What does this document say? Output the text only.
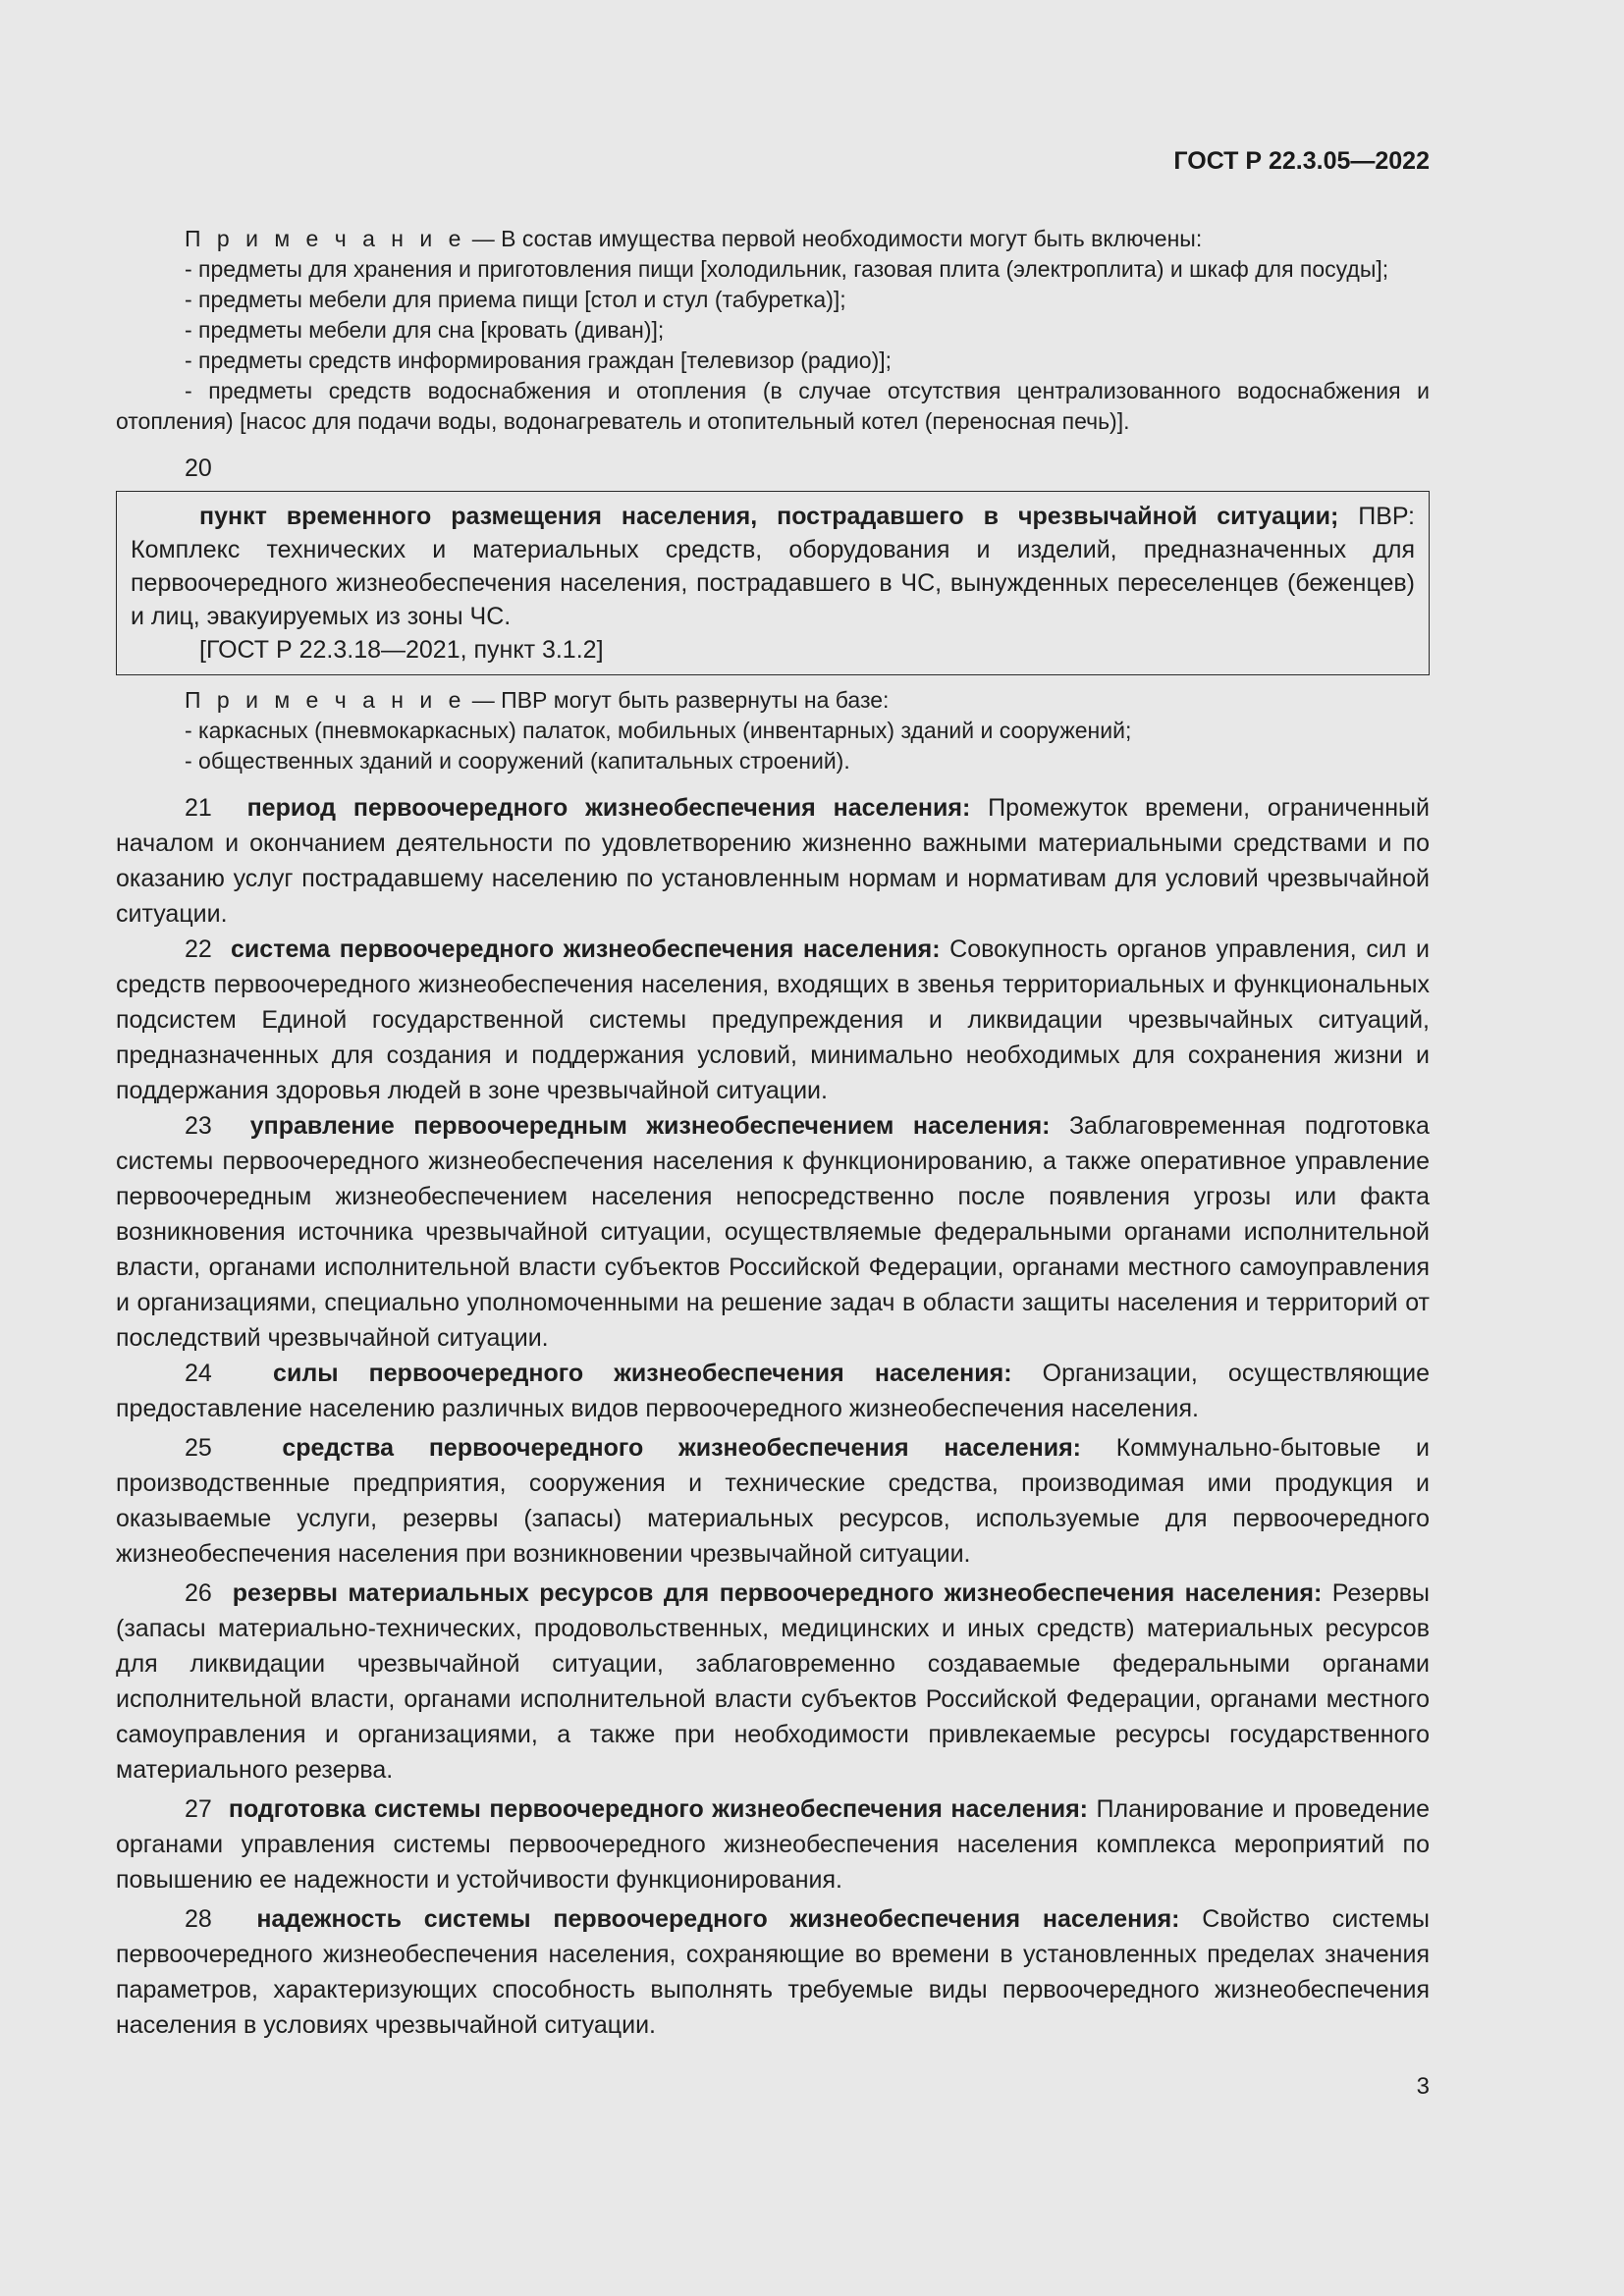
ГОСТ Р 22.3.05—2022

П р и м е ч а н и е — В состав имущества первой необходимости могут быть включены:

- предметы для хранения и приготовления пищи [холодильник, газовая плита (электроплита) и шкаф для посуды];

- предметы мебели для приема пищи [стол и стул (табуретка)];

- предметы мебели для сна [кровать (диван)];

- предметы средств информирования граждан [телевизор (радио)];

- предметы средств водоснабжения и отопления (в случае отсутствия централизованного водоснабжения и отопления) [насос для подачи воды, водонагреватель и отопительный котел (переносная печь)].

20

пункт временного размещения населения, пострадавшего в чрезвычайной ситуации; ПВР: Комплекс технических и материальных средств, оборудования и изделий, предназначенных для первоочередного жизнеобеспечения населения, пострадавшего в ЧС, вынужденных переселенцев (беженцев) и лиц, эвакуируемых из зоны ЧС.

[ГОСТ Р 22.3.18—2021, пункт 3.1.2]

П р и м е ч а н и е — ПВР могут быть развернуты на базе:

- каркасных (пневмокаркасных) палаток, мобильных (инвентарных) зданий и сооружений;

- общественных зданий и сооружений (капитальных строений).

21 период первоочередного жизнеобеспечения населения: Промежуток времени, ограниченный началом и окончанием деятельности по удовлетворению жизненно важными материальными средствами и по оказанию услуг пострадавшему населению по установленным нормам и нормативам для условий чрезвычайной ситуации.

22 система первоочередного жизнеобеспечения населения: Совокупность органов управления, сил и средств первоочередного жизнеобеспечения населения, входящих в звенья территориальных и функциональных подсистем Единой государственной системы предупреждения и ликвидации чрезвычайных ситуаций, предназначенных для создания и поддержания условий, минимально необходимых для сохранения жизни и поддержания здоровья людей в зоне чрезвычайной ситуации.

23 управление первоочередным жизнеобеспечением населения: Заблаговременная подготовка системы первоочередного жизнеобеспечения населения к функционированию, а также оперативное управление первоочередным жизнеобеспечением населения непосредственно после появления угрозы или факта возникновения источника чрезвычайной ситуации, осуществляемые федеральными органами исполнительной власти, органами исполнительной власти субъектов Российской Федерации, органами местного самоуправления и организациями, специально уполномоченными на решение задач в области защиты населения и территорий от последствий чрезвычайной ситуации.

24 силы первоочередного жизнеобеспечения населения: Организации, осуществляющие предоставление населению различных видов первоочередного жизнеобеспечения населения.

25	средства первоочередного жизнеобеспечения населения: Коммунально-бытовые и производственные предприятия, сооружения и технические средства, производимая ими продукция и оказываемые услуги, резервы (запасы) материальных ресурсов, используемые для первоочередного жизнеобеспечения населения при возникновении чрезвычайной ситуации.

26 резервы материальных ресурсов для первоочередного жизнеобеспечения населения: Резервы (запасы материально-технических, продовольственных, медицинских и иных средств) материальных ресурсов для ликвидации чрезвычайной ситуации, заблаговременно создаваемые федеральными органами исполнительной власти, органами исполнительной власти субъектов Российской Федерации, органами местного самоуправления и организациями, а также при необходимости привлекаемые ресурсы государственного материального резерва.

27 подготовка системы первоочередного жизнеобеспечения населения: Планирование и проведение органами управления системы первоочередного жизнеобеспечения населения комплекса мероприятий по повышению ее надежности и устойчивости функционирования.

28 надежность системы первоочередного жизнеобеспечения населения: Свойство системы первоочередного жизнеобеспечения населения, сохраняющие во времени в установленных пределах значения параметров, характеризующих способность выполнять требуемые виды первоочередного жизнеобеспечения населения в условиях чрезвычайной ситуации.

3
